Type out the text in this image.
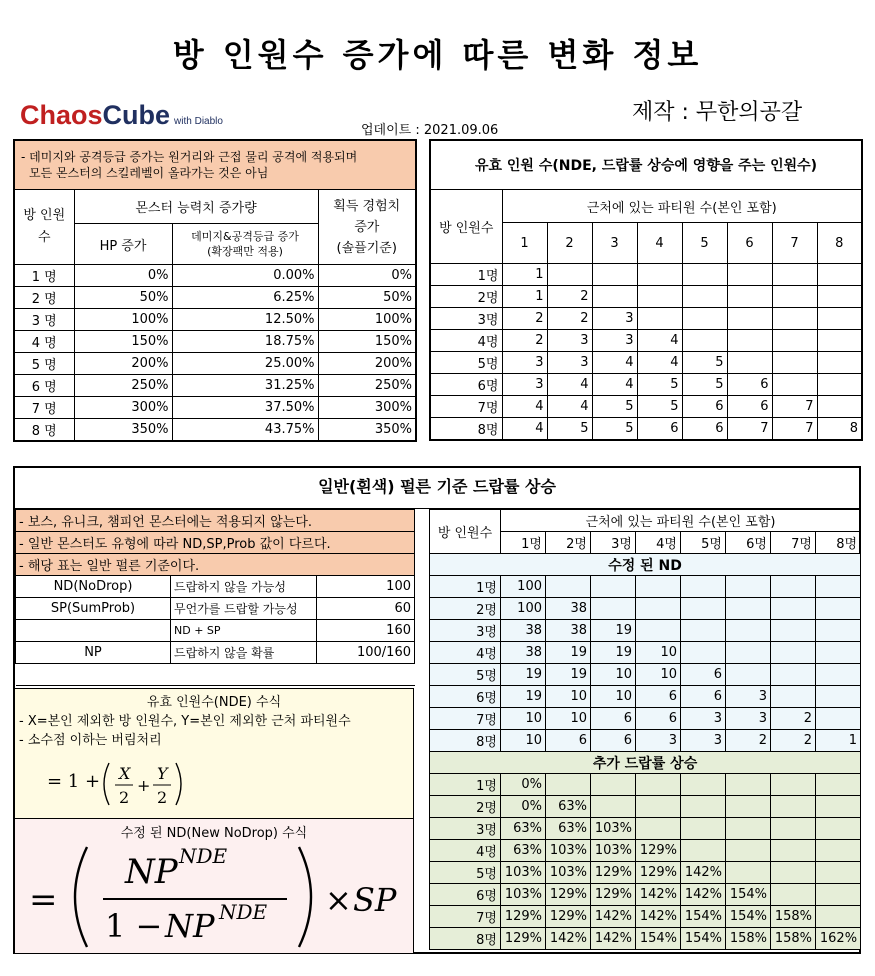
방 인원수 증가에 따른 변화 정보
ChaosCube with Diablo	제작 : 무한의공갈
업데이트 : 2021.09.06
- 데미지와 공격등급 증가는 원거리와 근접 물리 공격에 적용되며
모든 몬스터의 스킬레벨이 올라가는 것은 아님			
방 인원수	몬스터 능력치 증가량		획득 경험치
증가
(솔플기준)
	HP 증가	데미지&공격등급 증가
(확장팩만 적용)	
1 명	0%	0.00%	0%
2 명	50%	6.25%	50%
3 명	100%	12.50%	100%
4 명	150%	18.75%	150%
5 명	200%	25.00%	200%
6 명	250%	31.25%	250%
7 명	300%	37.50%	300%
8 명	350%	43.75%	350%
유효 인원 수(NDE, 드랍률 상승에 영향을 주는 인원수)								
방 인원수	근처에 있는 파티원 수(본인 포함)							
	1	2	3	4	5	6	7	8
1명	1							
2명	1	2						
3명	2	2	3					
4명	2	3	3	4				
5명	3	3	4	4	5			
6명	3	4	4	5	5	6		
7명	4	4	5	5	6	6	7	
8명	4	5	5	6	6	7	7	8
일반(흰색) 펄른 기준 드랍률 상승
- 보스, 유니크, 챔피언 몬스터에는 적용되지 않는다.		
- 일반 몬스터도 유형에 따라 ND,SP,Prob 값이 다르다.		
- 해당 표는 일반 펄른 기준이다.		
ND(NoDrop)	드랍하지 않을 가능성	100
SP(SumProb)	무언가를 드랍할 가능성	60
	ND + SP	160
NP	드랍하지 않을 확률	100/160

유효 인원수(NDE) 수식
- X=본인 제외한 방 인원수, Y=본인 제외한 근처 파티원수
- 소수점 이하는 버림처리
= 1 + X
2
+
Y
2
수정 된 ND(New NoDrop) 수식
=
NP NDE
1 − NP NDE × SP
방 인원수	근처에 있는 파티원 수(본인 포함)							
	1명	2명	3명	4명	5명	6명	7명	8명
수정 된 ND								
1명	100							
2명	100	38						
3명	38	38	19					
4명	38	19	19	10				
5명	19	19	10	10	6			
6명	19	10	10	6	6	3		
7명	10	10	6	6	3	3	2	
8명	10	6	6	3	3	2	2	1
추가 드랍률 상승								
1명	0%							
2명	0%	63%						
3명	63%	63%	103%					
4명	63%	103%	103%	129%				
5명	103%	103%	129%	129%	142%			
6명	103%	129%	129%	142%	142%	154%		
7명	129%	129%	142%	142%	154%	154%	158%	
8명	129%	142%	142%	154%	154%	158%	158%	162%
